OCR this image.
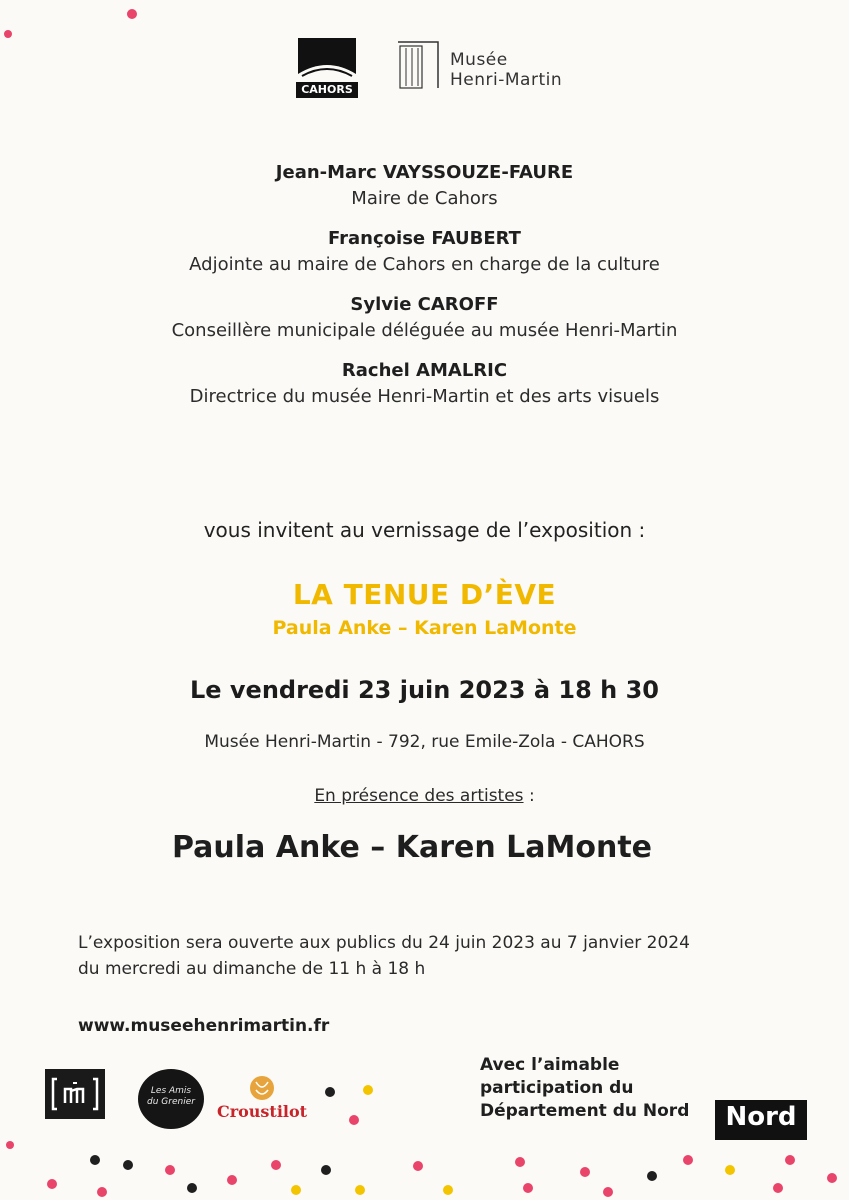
CAHORS
Musée
Henri-Martin
Jean-Marc VAYSSOUZE-FAURE
Maire de Cahors
Françoise FAUBERT
Adjointe au maire de Cahors en charge de la culture
Sylvie CAROFF
Conseillère municipale déléguée au musée Henri-Martin
Rachel AMALRIC
Directrice du musée Henri-Martin et des arts visuels
vous invitent au vernissage de l’exposition :
LA TENUE D’ÈVE
Paula Anke – Karen LaMonte
Le vendredi 23 juin 2023 à 18 h 30
Musée Henri-Martin - 792, rue Emile-Zola - CAHORS
En présence des artistes :
Paula Anke – Karen LaMonte
L’exposition sera ouverte aux publics du 24 juin 2023 au 7 janvier 2024
du mercredi au dimanche de 11 h à 18 h
www.museehenrimartin.fr
Avec l’aimable
participation du
Département du Nord
Les Amis
du Grenier	Croustilot	Nord
